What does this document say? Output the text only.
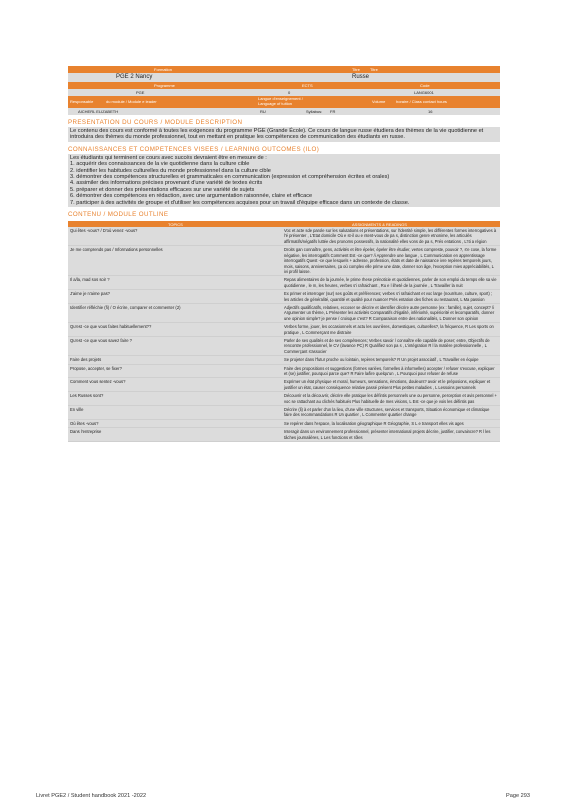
Formation	Titre	Titre
PGE 2 Nancy	Russe
Programme	ECTS	Code
PGE	0	LANG6001
Responsable	du module / Module e leader
Langue d'enseignement / Language of tuition	Volume	horaire / Class contact hours
AICHERL ELIZABETH	RU	Syllabus: FR	16
PRESENTATION DU COURS / MODULE DESCRIPTION
Le contenu des cours est conformé à toutes les exigences du programme PGE (Grande École). Ce cours de langue russe étudiera des thèmes de la vie quotidienne et introduira des thèmes du monde professionnel, tout en mettant en pratique les compétences de communication des étudiants en russe.
CONNAISSANCES ET COMPETENCES VISEES / LEARNING OUTCOMES (ILO)
Les étudiants qui terminent ce cours avec succès devraient être en mesure de :
1. acquérir des connaissances de la vie quotidienne dans la culture cible
2. identifier les habitudes culturelles du monde professionnel dans la culture cible
3. démontrer des compétences structurelles et grammaticales en communication (expression et compréhension écrites et orales)
4. assimiler des informations précises provenant d'une variété de textes écrits
5. préparer et donner des présentations efficaces sur une variété de sujets
6. démontrer des compétences en rédaction, avec une argumentation raisonnée, claire et efficace
7. participer à des activités de groupe et d'utiliser les compétences acquises pour un travail d'équipe efficace dans un contexte de classe.
CONTENU / MODULE OUTLINE
TOPICS	ASSIGNMENTS & READINGS
Qui êtes -vous? / D'où venez -vous?	Voc et acte sde parole sur les salutations et présentations, sur l'identité simple, les différentes formes interrogatives à l'é présenter , L'Etat domicile Où e st-il ou e ntent-vous de pa s, distinction genre etnonime, les articulés affirmatifs/négatifs luttée des pronoms possessifs, la nationalité elles vons de pa s, Prés entations , L'Iti a région
Je me comprends pas / Informations personnelles	Droits gan connaître, gens, activités et être épeler, épeler être étudier, vertes compreste, pouvoir ?, s'e cose, la forme négative, les interrogatifs Comment Est -ce que? /i Apprendre une langue , L Communication en apprentissage interrogatifs Quest -ce que lesquels + adresse, profession, états et date de naissance ivre repères temporels jours, mois, saisons, anniversaires, ça où complex elle prime une date, donner son âge, l'exception mies appréciabilités, L ivi profil laisse.
Il a/la, mad sos soir ?	Repas alimentaires de la journée, le prime rhese prénoticie et quotidiennes, parler de son emploi du temps elle sa vie quotidienne , le m, les heures, verbes s'i rafraichant , Ru e l ilheté de la journée , L Travailler la nuit
J'aime je n'aime pas?	Ex primer et interroger (sur) ses goûts et préférences; verbes s'i rafraichant et voc large (nourriture, culture, sport) ; les articles de généralité, quantité et qualité pour nuancer Prés entation des fiches ou restaurant, L Ma passion
Identifier réfléchie (fi) / O écrire, comparer et commenter (2)	Adjectifs qualificatifs, relatives, eccoser se décrire et identifier décrire autre personne (ex : famille), sujet, concept? /i Argumenter un thème, L Présenter les activités Comparatifs d'égalité, infériorité, supériorité et lecomparatifs, donner une opinion simple? je pense / croisque c'est? R Comparaison entre des nationalités, L Donner son opinion
Qu'est -ce que vous faites habituellement??	Verbes forme, jouer, les occasionnels et actu les ouvrières, domestiques, culturelles?, la fréquence, R Les sports on pratique , L Commerçant me distraire
Qu'est -ce que vous savez faire ?	Parler de ses qualités et de ses compétences; Verbes savoir / connaître elle capable de poser; entre, Objectifs de rencontre professionnel, le CV (lavance PC) R Qualifiez son pa s , L'intégration R l la matière professionnelle , L Commerçant s'associer
Faire des projets	Se projeter dans l'futur proche ou lointain, repères temporels? R Un projet associatif , L Travailler en équipe
Propose, accepter, se fixer?	Faire des propositions et suggestions (formes variées, formelles à informelles) accepter / refuser s'excuse, expliquer et (se) justifier, pourquoi parce que? R Faire la/lire quelqu'un , L Pourquoi pour refuser de refuse
Comment vous sentez -vous?	Exprimer un état physique et moral, humeurs, sensations, émotions, douleurs? avoir et le préposions, expliquer et justifier un état, causer conséquence relative passé présent Plus petites maladies , L Lessoins personnels
Les Russes sont?	Découvrir et la découvrir, décrire elle pratique les défintis personnels une ou personne, perception et avis personnel + voc se rattachant au clichés habitués Plus habituelle de mes visions, L Est -ce que je vois les défintis pas
En ville	Décrire (li) à et parler d'un la lieu, d'une ville structures, services et transports, Situation économique et climatique faire des recommandations R Un quartier , L Commenter quartier change
Où êtes -vous?	Se repérer dans l'espace, la localisation géographique R Géographie, S L e transport elles vis ages
Dans l'entreprise	Interagir dans un environnement professionnel, présenter international projets décrire, justifier, convaincre? R l les tâches journalières, L Les fonctions et rôles
Livret PGE2 / Student handbook 2021 -2022	Page 293
